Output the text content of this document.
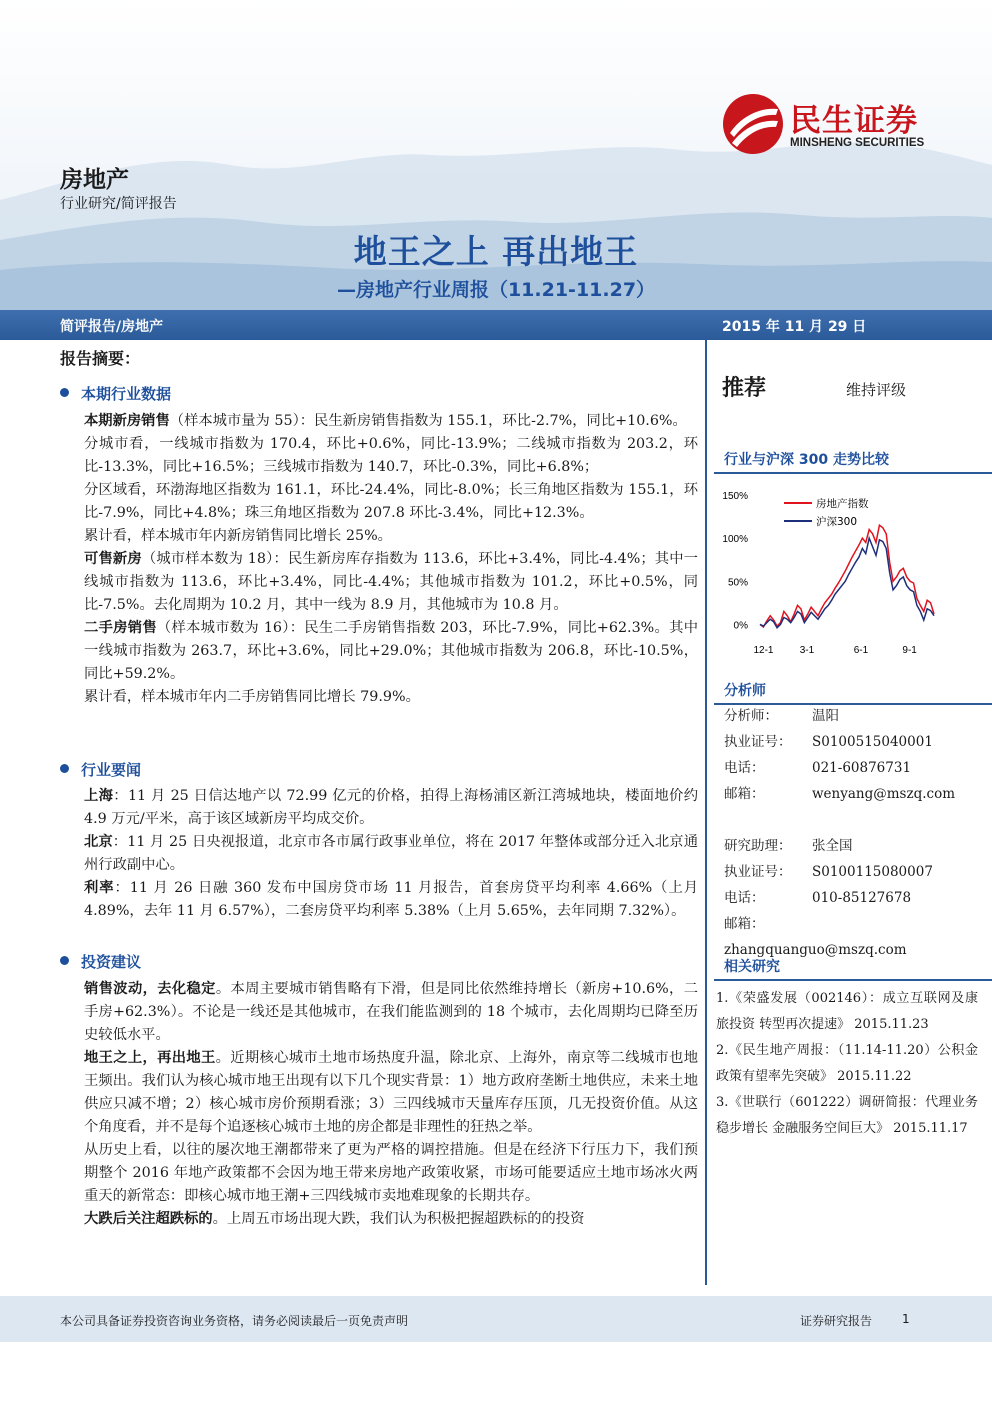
民生证券
MINSHENG SECURITIES
房地产
行业研究/简评报告
地王之上 再出地王
—房地产行业周报（11.21-11.27）
简评报告/房地产	2015 年 11 月 29 日
报告摘要：
本期行业数据

本期新房销售（样本城市量为 55）：民生新房销售指数为 155.1，环比-2.7%，同比+10.6%。

分城市看，一线城市指数为 170.4，环比+0.6%，同比-13.9%；二线城市指数为 203.2，环比-13.3%，同比+16.5%；三线城市指数为 140.7，环比-0.3%，同比+6.8%；

分区域看，环渤海地区指数为 161.1，环比-24.4%，同比-8.0%；长三角地区指数为 155.1，环比-7.9%，同比+4.8%；珠三角地区指数为 207.8 环比-3.4%，同比+12.3%。

累计看，样本城市年内新房销售同比增长 25%。

可售新房（城市样本数为 18）：民生新房库存指数为 113.6，环比+3.4%，同比-4.4%；其中一线城市指数为 113.6，环比+3.4%，同比-4.4%；其他城市指数为 101.2，环比+0.5%，同比-7.5%。去化周期为 10.2 月，其中一线为 8.9 月，其他城市为 10.8 月。

二手房销售（样本城市数为 16）：民生二手房销售指数 203，环比-7.9%，同比+62.3%。其中一线城市指数为 263.7，环比+3.6%，同比+29.0%；其他城市指数为 206.8，环比-10.5%，同比+59.2%。

累计看，样本城市年内二手房销售同比增长 79.9%。

行业要闻

上海：11 月 25 日信达地产以 72.99 亿元的价格，拍得上海杨浦区新江湾城地块，楼面地价约 4.9 万元/平米，高于该区域新房平均成交价。

北京：11 月 25 日央视报道，北京市各市属行政事业单位，将在 2017 年整体或部分迁入北京通州行政副中心。

利率：11 月 26 日融 360 发布中国房贷市场 11 月报告，首套房贷平均利率 4.66%（上月 4.89%，去年 11 月 6.57%），二套房贷平均利率 5.38%（上月 5.65%，去年同期 7.32%）。

投资建议

销售波动，去化稳定。本周主要城市销售略有下滑，但是同比依然维持增长（新房+10.6%，二手房+62.3%）。不论是一线还是其他城市，在我们能监测到的 18 个城市，去化周期均已降至历史较低水平。

地王之上，再出地王。近期核心城市土地市场热度升温，除北京、上海外，南京等二线城市也地王频出。我们认为核心城市地王出现有以下几个现实背景：1）地方政府垄断土地供应，未来土地供应只减不增；2）核心城市房价预期看涨；3）三四线城市天量库存压顶，几无投资价值。从这个角度看，并不是每个追逐核心城市土地的房企都是非理性的狂热之举。

从历史上看，以往的屡次地王潮都带来了更为严格的调控措施。但是在经济下行压力下，我们预期整个 2016 年地产政策都不会因为地王带来房地产政策收紧，市场可能要适应土地市场冰火两重天的新常态：即核心城市地王潮+三四线城市卖地难现象的长期共存。

大跌后关注超跌标的。上周五市场出现大跌，我们认为积极把握超跌标的的投资

推荐	维持评级
行业与沪深 300 走势比较
0%
50%
100%
150%
12-1	3-1	6-1	9-1
房地产指数
沪深300
分析师
分析师：	温阳
执业证号： S0100515040001
电话：	021-60876731
邮箱：	wenyang@mszq.com
研究助理： 张全国
执业证号： S0100115080007
电话：	010-85127678
邮箱：zhangquanguo@mszq.com
相关研究

1.《荣盛发展（002146）：成立互联网及康旅投资 转型再次提速》 2015.11.23

2.《民生地产周报：（11.14-11.20）公积金政策有望率先突破》 2015.11.22

3.《世联行（601222）调研简报：代理业务稳步增长 金融服务空间巨大》 2015.11.17

本公司具备证券投资咨询业务资格，请务必阅读最后一页免责声明	证券研究报告 1
